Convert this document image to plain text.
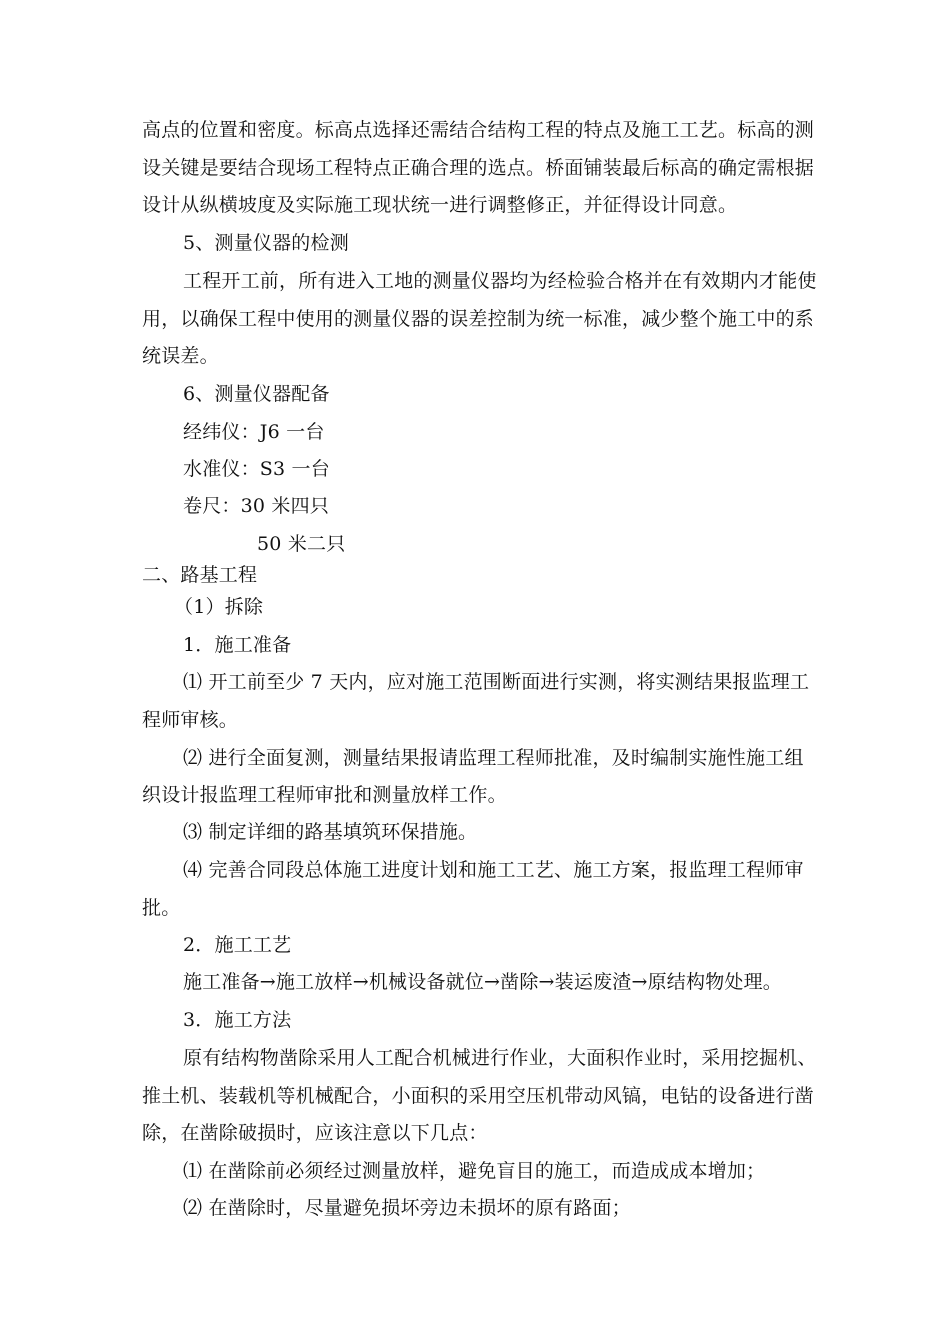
高点的位置和密度。标高点选择还需结合结构工程的特点及施工工艺。标高的测
设关键是要结合现场工程特点正确合理的选点。桥面铺装最后标高的确定需根据
设计从纵横坡度及实际施工现状统一进行调整修正，并征得设计同意。
5、测量仪器的检测
工程开工前，所有进入工地的测量仪器均为经检验合格并在有效期内才能使
用，以确保工程中使用的测量仪器的误差控制为统一标准，减少整个施工中的系
统误差。
6、测量仪器配备
经纬仪：J6 一台
水准仪：S3 一台
卷尺：30 米四只
50 米二只
二、路基工程
（1）拆除
1．施工准备
⑴ 开工前至少 7 天内，应对施工范围断面进行实测，将实测结果报监理工
程师审核。
⑵ 进行全面复测，测量结果报请监理工程师批准，及时编制实施性施工组
织设计报监理工程师审批和测量放样工作。
⑶ 制定详细的路基填筑环保措施。
⑷ 完善合同段总体施工进度计划和施工工艺、施工方案，报监理工程师审
批。
2．施工工艺
施工准备→施工放样→机械设备就位→凿除→装运废渣→原结构物处理。
3．施工方法
原有结构物凿除采用人工配合机械进行作业，大面积作业时，采用挖掘机、
推土机、装载机等机械配合，小面积的采用空压机带动风镐，电钻的设备进行凿
除，在凿除破损时，应该注意以下几点：
⑴ 在凿除前必须经过测量放样，避免盲目的施工，而造成成本增加；
⑵ 在凿除时，尽量避免损坏旁边未损坏的原有路面；
